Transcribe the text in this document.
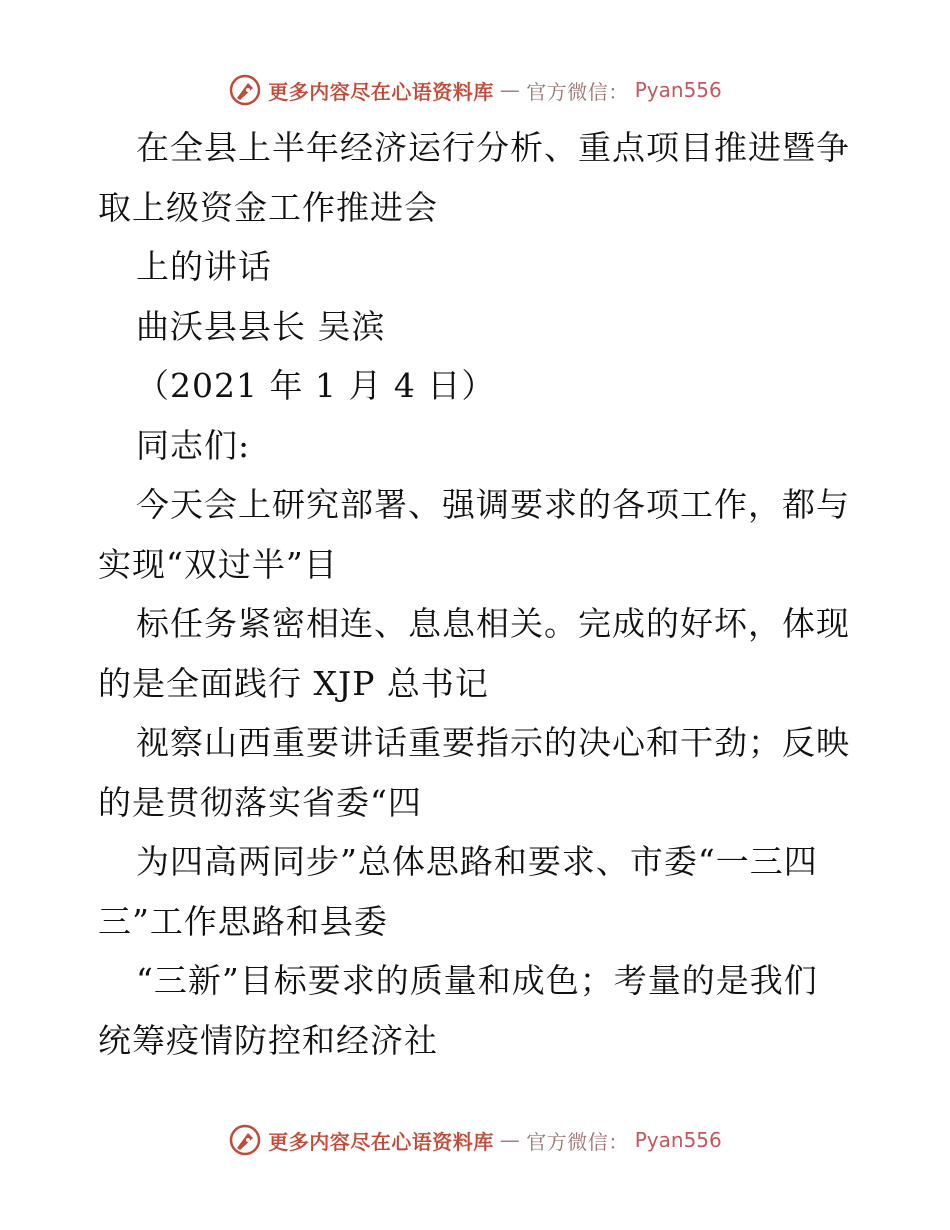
更多内容尽在心语资料库 — 官方微信： Pyan556
在全县上半年经济运行分析、重点项目推进暨争
取上级资金工作推进会
上的讲话
曲沃县县长 吴滨
（2021 年 1 月 4 日）
同志们:
今天会上研究部署、强调要求的各项工作，都与
实现“双过半”目
标任务紧密相连、息息相关。完成的好坏，体现
的是全面践行 XJP 总书记
视察山西重要讲话重要指示的决心和干劲；反映
的是贯彻落实省委“四
为四高两同步”总体思路和要求、市委“一三四
三”工作思路和县委
“三新”目标要求的质量和成色；考量的是我们
统筹疫情防控和经济社
更多内容尽在心语资料库 — 官方微信： Pyan556
